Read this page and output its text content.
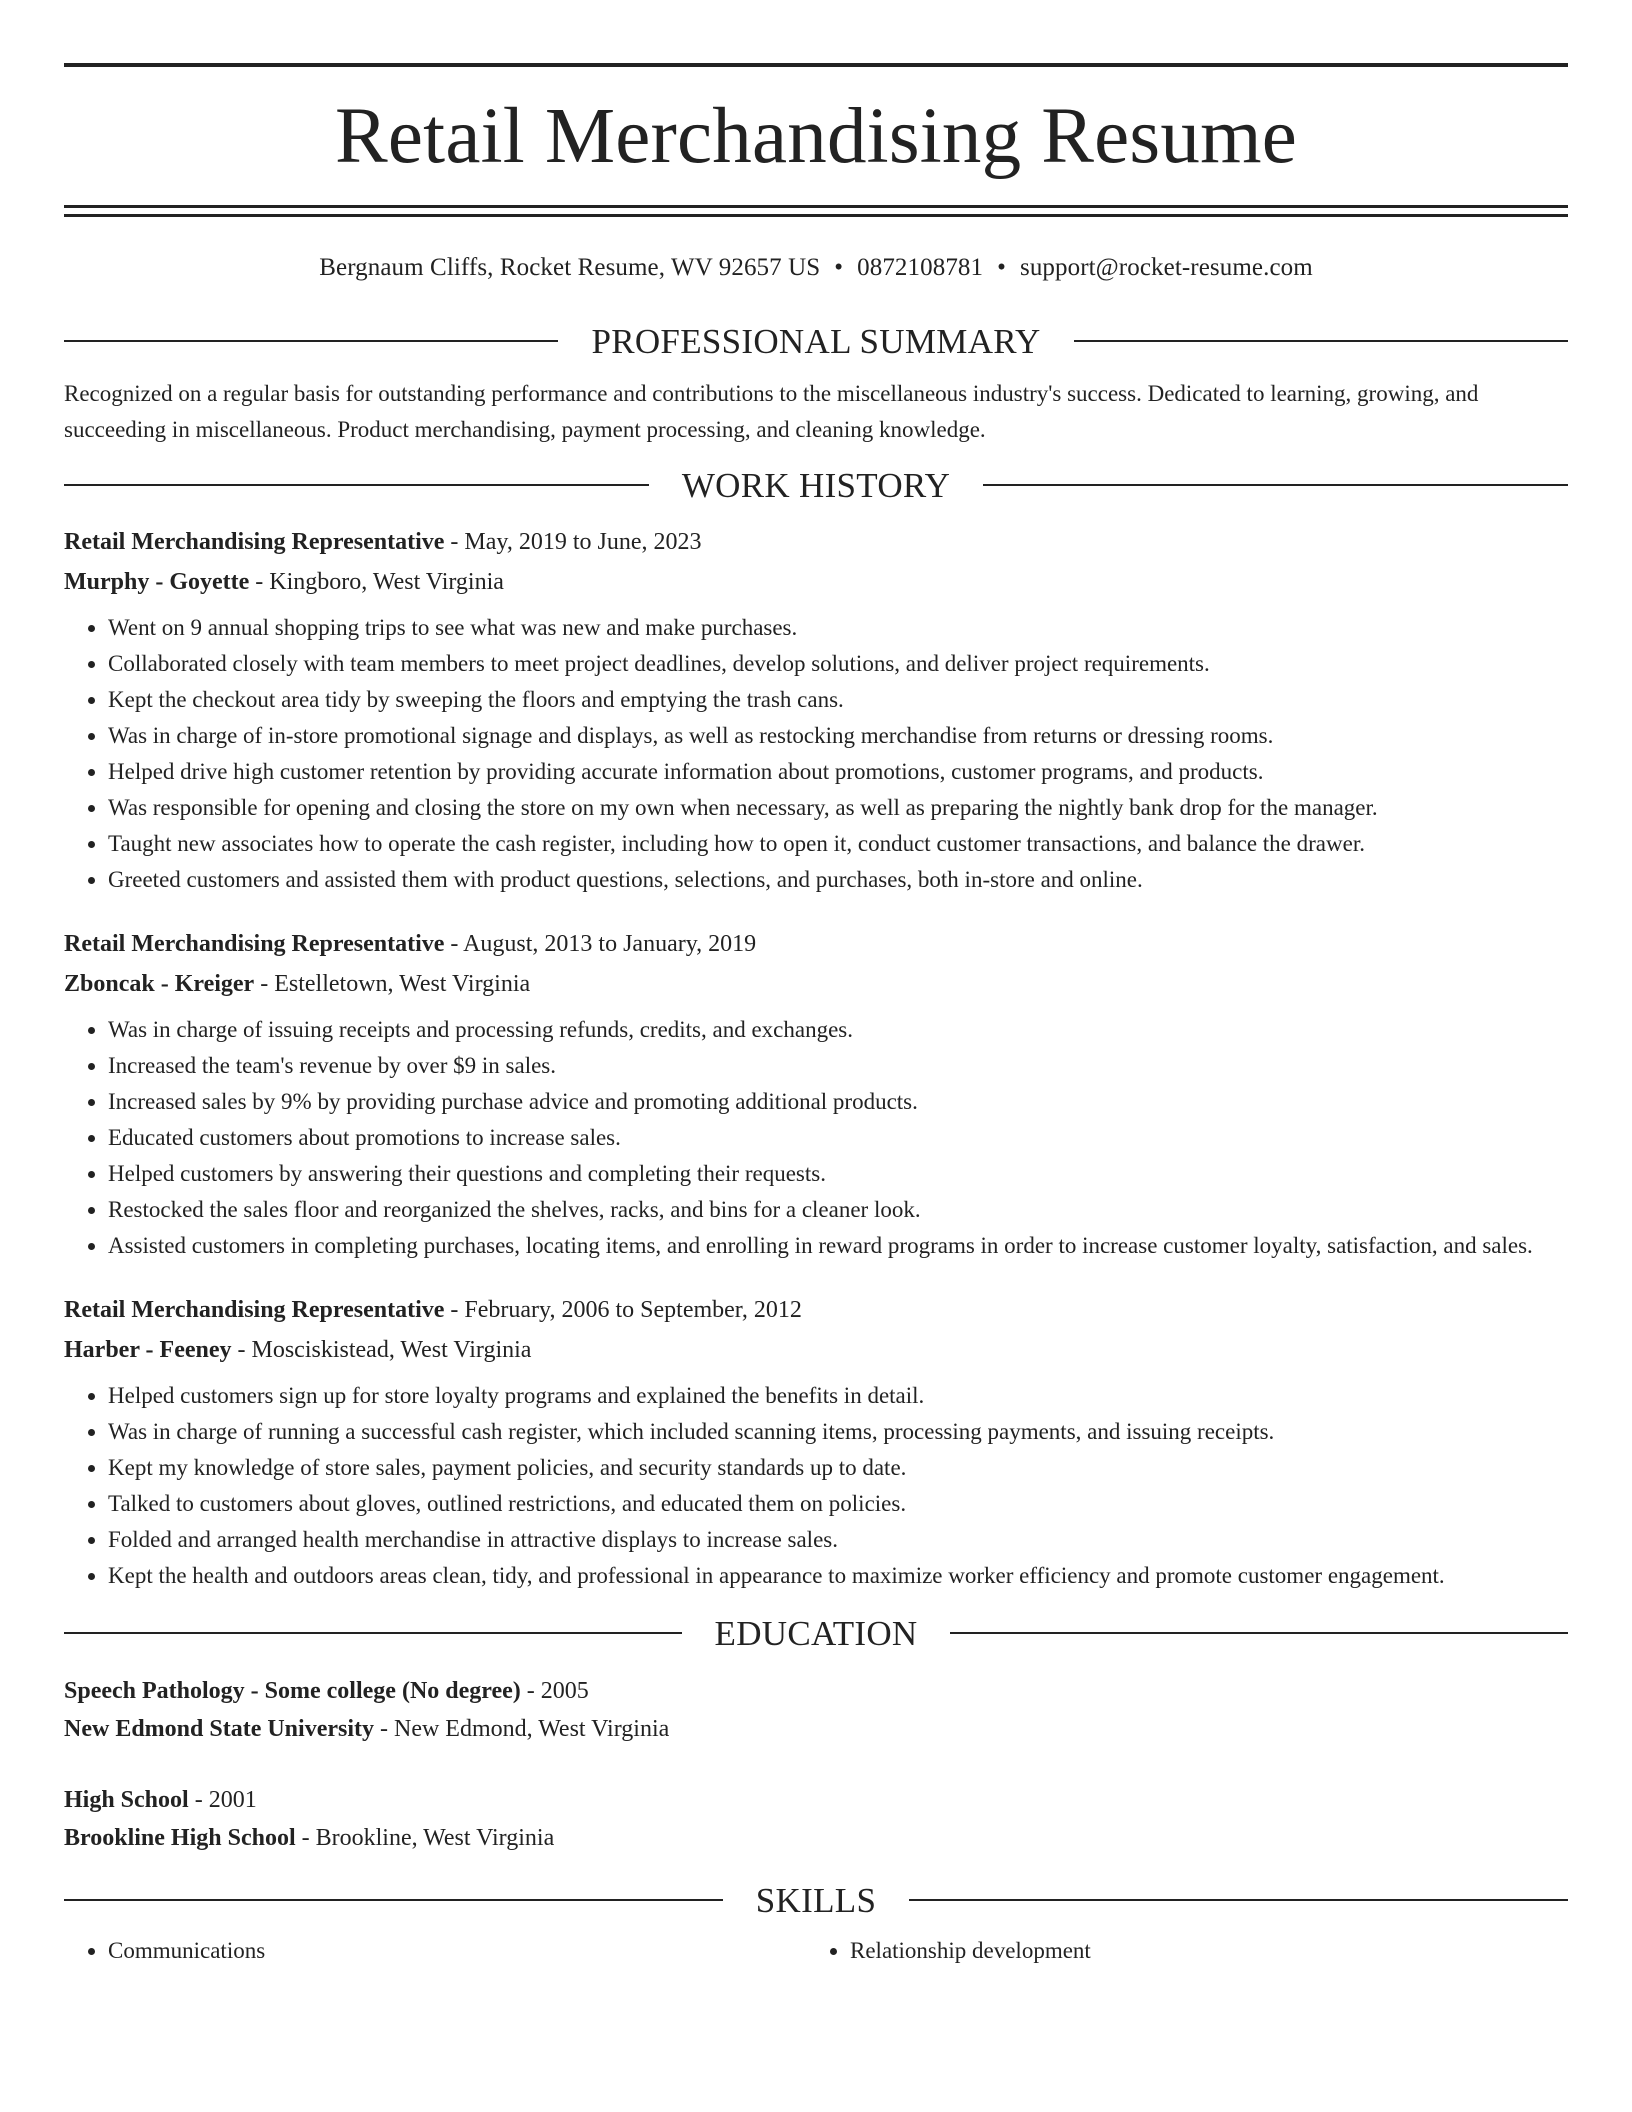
Retail Merchandising Resume
Bergnaum Cliffs, Rocket Resume, WV 92657 US • 0872108781 • support@rocket-resume.com
PROFESSIONAL SUMMARY

Recognized on a regular basis for outstanding performance and contributions to the miscellaneous industry's success. Dedicated to learning, growing, and succeeding in miscellaneous. Product merchandising, payment processing, and cleaning knowledge.

WORK HISTORY

Retail Merchandising Representative - May, 2019 to June, 2023

Murphy - Goyette - Kingboro, West Virginia

• Went on 9 annual shopping trips to see what was new and make purchases.
• Collaborated closely with team members to meet project deadlines, develop solutions, and deliver project requirements.
• Kept the checkout area tidy by sweeping the floors and emptying the trash cans.
• Was in charge of in-store promotional signage and displays, as well as restocking merchandise from returns or dressing rooms.
• Helped drive high customer retention by providing accurate information about promotions, customer programs, and products.
• Was responsible for opening and closing the store on my own when necessary, as well as preparing the nightly bank drop for the manager.
• Taught new associates how to operate the cash register, including how to open it, conduct customer transactions, and balance the drawer.
• Greeted customers and assisted them with product questions, selections, and purchases, both in-store and online.

Retail Merchandising Representative - August, 2013 to January, 2019

Zboncak - Kreiger - Estelletown, West Virginia

• Was in charge of issuing receipts and processing refunds, credits, and exchanges.
• Increased the team's revenue by over $9 in sales.
• Increased sales by 9% by providing purchase advice and promoting additional products.
• Educated customers about promotions to increase sales.
• Helped customers by answering their questions and completing their requests.
• Restocked the sales floor and reorganized the shelves, racks, and bins for a cleaner look.
• Assisted customers in completing purchases, locating items, and enrolling in reward programs in order to increase customer loyalty, satisfaction, and sales.

Retail Merchandising Representative - February, 2006 to September, 2012

Harber - Feeney - Mosciskistead, West Virginia

• Helped customers sign up for store loyalty programs and explained the benefits in detail.
• Was in charge of running a successful cash register, which included scanning items, processing payments, and issuing receipts.
• Kept my knowledge of store sales, payment policies, and security standards up to date.
• Talked to customers about gloves, outlined restrictions, and educated them on policies.
• Folded and arranged health merchandise in attractive displays to increase sales.
• Kept the health and outdoors areas clean, tidy, and professional in appearance to maximize worker efficiency and promote customer engagement.
EDUCATION

Speech Pathology - Some college (No degree) - 2005

New Edmond State University - New Edmond, West Virginia

High School - 2001

Brookline High School - Brookline, West Virginia

SKILLS
• Communications
•	Relationship development
